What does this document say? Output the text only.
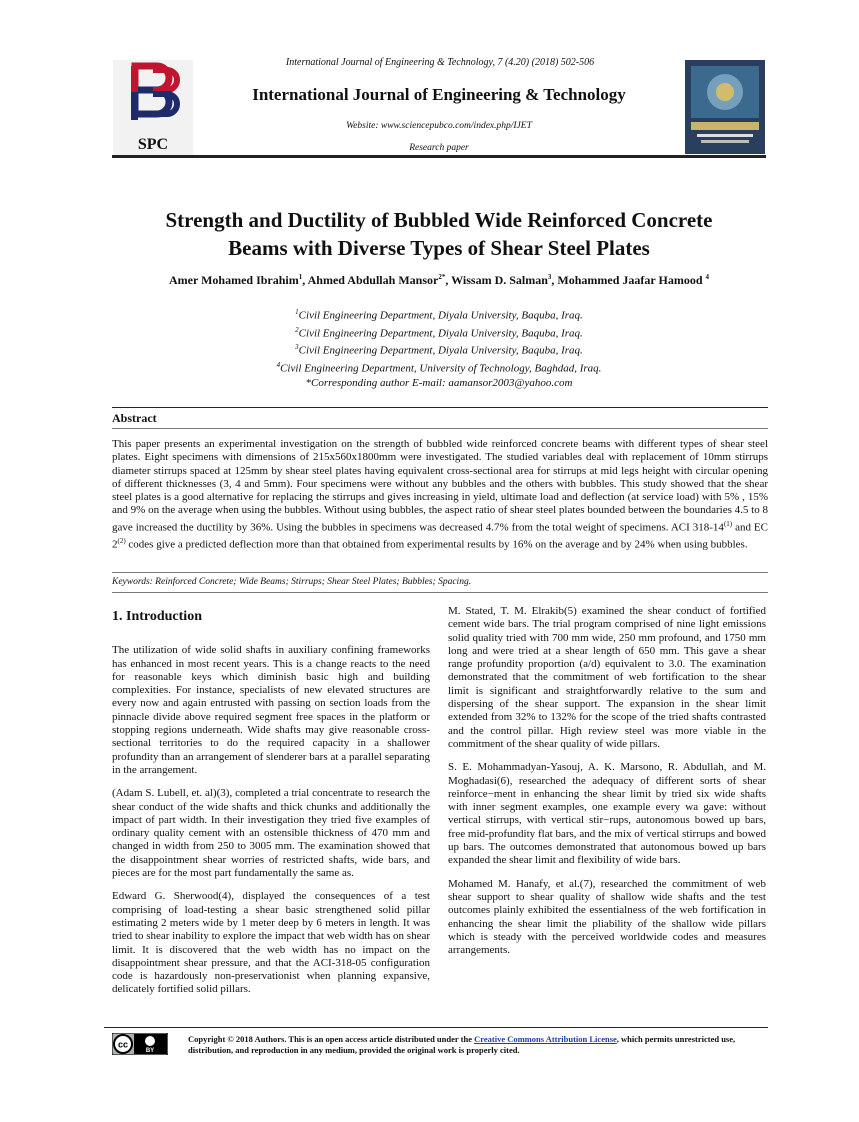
International Journal of Engineering & Technology, 7 (4.20) (2018) 502-506
SPC
International Journal of Engineering & Technology
Website: www.sciencepubco.com/index.php/IJET
Research paper
Strength and Ductility of Bubbled Wide Reinforced Concrete
Beams with Diverse Types of Shear Steel Plates
Amer Mohamed Ibrahim$^1$, Ahmed Abdullah Mansor$^{2*}$, Wissam D. Salman$^3$, Mohammed Jaafar Hamood $^4$
$^1$Civil Engineering Department, Diyala University, Baquba, Iraq.
$^2$Civil Engineering Department, Diyala University, Baquba, Iraq.
$^3$Civil Engineering Department, Diyala University, Baquba, Iraq.
$^4$Civil Engineering Department, University of Technology, Baghdad, Iraq.
*Corresponding author E-mail: aamansor2003@yahoo.com
Abstract
This paper presents an experimental investigation on the strength of bubbled wide reinforced concrete beams with different types of shear steel plates. Eight specimens with dimensions of 215x560x1800mm were investigated. The studied variables deal with replacement of 10mm stirrups diameter stirrups spaced at 125mm by shear steel plates having equivalent cross-sectional area for stirrups at mid legs height with circular opening of different thicknesses (3, 4 and 5mm). Four specimens were without any bubbles and the others with bubbles. This study showed that the shear steel plates is a good alternative for replacing the stirrups and gives increasing in yield, ultimate load and deflection (at service load) with 5% , 15% and 9% on the average when using the bubbles. Without using bubbles, the aspect ratio of shear steel plates bounded between the boundaries 4.5 to 8 gave increased the ductility by 36%. Using the bubbles in specimens was decreased 4.7% from the total weight of specimens. ACI 318-14$^{(1)}$ and EC 2$^{(2)}$ codes give a predicted deflection more than that obtained from experimental results by 16% on the average and by 24% when using bubbles.
Keywords: Reinforced Concrete; Wide Beams; Stirrups; Shear Steel Plates; Bubbles; Spacing.

1. Introduction

The utilization of wide solid shafts in auxiliary confining frameworks has enhanced in most recent years. This is a change reacts to the need for reasonable keys which diminish basic high and building complexities. For instance, specialists of new elevated structures are every now and again entrusted with passing on section loads from the pinnacle divide above required segment free spaces in the platform or stopping regions underneath. Wide shafts may give reasonable cross-sectional territories to do the required capacity in a shallower profundity than an arrangement of slenderer bars at a parallel separating in the arrangement.

(Adam S. Lubell, et. al)(3), completed a trial concentrate to research the shear conduct of the wide shafts and thick chunks and additionally the impact of part width. In their investigation they tried five examples of ordinary quality cement with an ostensible thickness of 470 mm and changed in width from 250 to 3005 mm. The examination showed that the disappointment shear worries of restricted shafts, wide bars, and pieces are for the most part fundamentally the same as.

Edward G. Sherwood(4), displayed the consequences of a test comprising of load-testing a shear basic strengthened solid pillar estimating 2 meters wide by 1 meter deep by 6 meters in length. It was tried to shear inability to explore the impact that web width has on shear limit. It is discovered that the web width has no impact on the disappointment shear pressure, and that the ACI-318-05 configuration code is hazardously non-preservationist when planning expansive, delicately fortified solid pillars.

M. Stated, T. M. Elrakib(5) examined the shear conduct of fortified cement wide bars. The trial program comprised of nine light emissions solid quality tried with 700 mm wide, 250 mm profound, and 1750 mm long and were tried at a shear length of 650 mm. This gave a shear range profundity proportion (a/d) equivalent to 3.0. The examination demonstrated that the commitment of web fortification to the shear limit is significant and straightforwardly relative to the sum and dispersing of the shear support. The expansion in the shear limit extended from 32% to 132% for the scope of the tried shafts contrasted and the control pillar. High review steel was more viable in the commitment of the shear quality of wide pillars.

S. E. Mohammadyan-Yasouj, A. K. Marsono, R. Abdullah, and M. Moghadasi(6), researched the adequacy of different sorts of shear reinforce−ment in enhancing the shear limit by tried six wide shafts with inner segment examples, one example every wa gave: without vertical stirrups, with vertical stir−rups, autonomous bowed up bars, free mid-profundity flat bars, and the mix of vertical stirrups and bowed up bars. The outcomes demonstrated that autonomous bowed up bars expanded the shear limit and flexibility of wide bars.

Mohamed M. Hanafy, et al.(7), researched the commitment of web shear support to shear quality of shallow wide shafts and the test outcomes plainly exhibited the essentialness of the web fortification in enhancing the shear limit the pliability of the shallow wide pillars which is steady with the perceived worldwide codes and measures arrangements.

cc
BY
Copyright © 2018 Authors. This is an open access article distributed under the Creative Commons Attribution License, which permits unrestricted use, distribution, and reproduction in any medium, provided the original work is properly cited.
